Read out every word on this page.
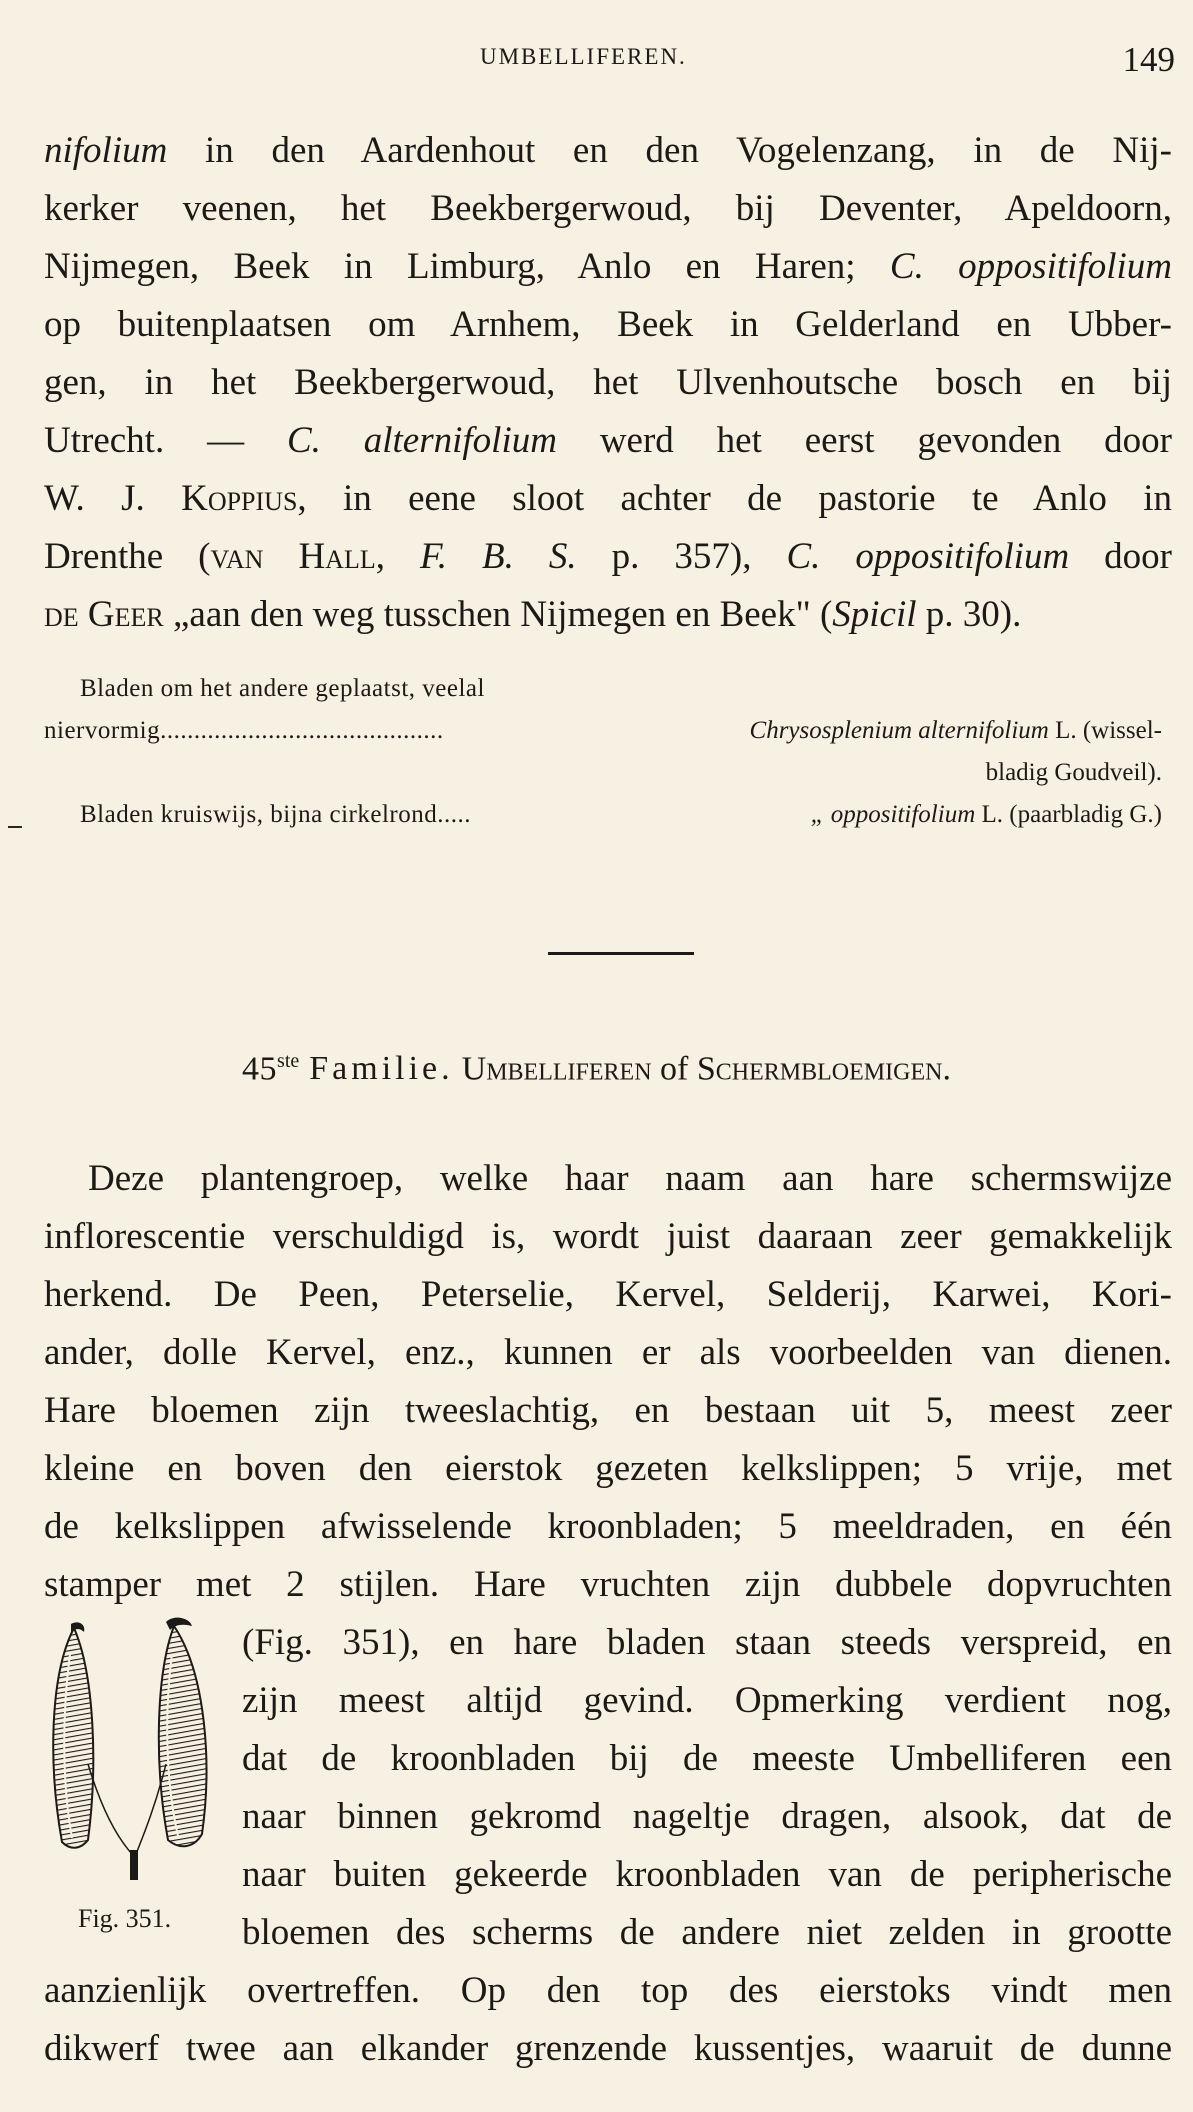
UMBELLIFEREN.	149
nifolium in den Aardenhout en den Vogelenzang, in de Nij-
kerker veenen, het Beekbergerwoud, bij Deventer, Apeldoorn,
Nijmegen, Beek in Limburg, Anlo en Haren; C. oppositifolium
op buitenplaatsen om Arnhem, Beek in Gelderland en Ubber-
gen, in het Beekbergerwoud, het Ulvenhoutsche bosch en bij
Utrecht. — C. alternifolium werd het eerst gevonden door
W. J. Koppius, in eene sloot achter de pastorie te Anlo in
Drenthe (van Hall, F. B. S. p. 357), C. oppositifolium door
de Geer „aan den weg tusschen Nijmegen en Beek" (Spicil p. 30).
Bladen om het andere geplaatst, veelal
niervormig..........................................	Chrysosplenium alternifolium L. (wissel-
bladig Goudveil).
Bladen kruiswijs, bijna cirkelrond.....	„ oppositifolium L. (paarbladig G.)
45ste Familie. Umbelliferen of Schermbloemigen.
Deze plantengroep, welke haar naam aan hare schermswijze
inflorescentie verschuldigd is, wordt juist daaraan zeer gemakkelijk
herkend. De Peen, Peterselie, Kervel, Selderij, Karwei, Kori-
ander, dolle Kervel, enz., kunnen er als voorbeelden van dienen.
Hare bloemen zijn tweeslachtig, en bestaan uit 5, meest zeer
kleine en boven den eierstok gezeten kelkslippen; 5 vrije, met
de kelkslippen afwisselende kroonbladen; 5 meeldraden, en één
stamper met 2 stijlen. Hare vruchten zijn dubbele dopvruchten
(Fig. 351), en hare bladen staan steeds verspreid, en
zijn meest altijd gevind. Opmerking verdient nog,
dat de kroonbladen bij de meeste Umbelliferen een
naar binnen gekromd nageltje dragen, alsook, dat de
naar buiten gekeerde kroonbladen van de peripherische
bloemen des scherms de andere niet zelden in grootte
aanzienlijk overtreffen. Op den top des eierstoks vindt men
dikwerf twee aan elkander grenzende kussentjes, waaruit de dunne
Fig. 351.
